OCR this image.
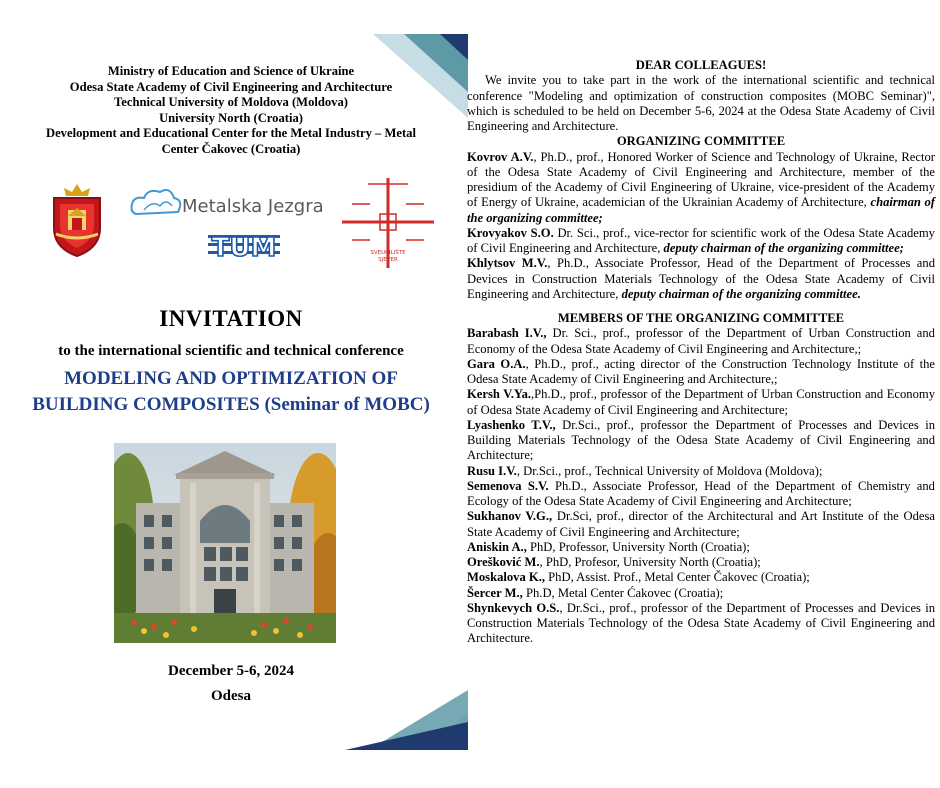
Ministry of Education and Science of Ukraine
Odesa State Academy of Civil Engineering and Architecture
Technical University of Moldova (Moldova)
University North (Croatia)
Development and Educational Center for the Metal Industry – Metal
Center Čakovec (Croatia)
Metalska Jezgra
TUM	SVEUČILIŠTE
SJEVER
INVITATION
to the international scientific and technical conference
MODELING AND OPTIMIZATION OF
BUILDING COMPOSITES (Seminar of MOBC)
December 5-6, 2024
Odesa
DEAR COLLEAGUES!

We invite you to take part in the work of the international scientific and technical conference "Modeling and optimization of construction composites (MOBC Seminar)", which is scheduled to be held on December 5-6, 2024 at the Odesa State Academy of Civil Engineering and Architecture.

ORGANIZING COMMITTEE

Kovrov A.V., Ph.D., prof., Honored Worker of Science and Technology of Ukraine, Rector of the Odesa State Academy of Civil Engineering and Architecture, member of the presidium of the Academy of Civil Engineering of Ukraine, vice-president of the Academy of Energy of Ukraine, academician of the Ukrainian Academy of Architecture, chairman of the organizing committee;

Krovyakov S.O. Dr. Sci., prof., vice-rector for scientific work of the Odesa State Academy of Civil Engineering and Architecture, deputy chairman of the organizing committee;

Khlytsov M.V., Ph.D., Associate Professor, Head of the Department of Processes and Devices in Construction Materials Technology of the Odesa State Academy of Civil Engineering and Architecture, deputy chairman of the organizing committee.

MEMBERS OF THE ORGANIZING COMMITTEE

Barabash I.V., Dr. Sci., prof., professor of the Department of Urban Construction and Economy of the Odesa State Academy of Civil Engineering and Architecture,;

Gara O.A., Ph.D., prof., acting director of the Construction Technology Institute of the Odesa State Academy of Civil Engineering and Architecture,;

Kersh V.Ya.,Ph.D., prof., professor of the Department of Urban Construction and Economy of Odesa State Academy of Civil Engineering and Architecture;

Lyashenko T.V., Dr.Sci., prof., professor the Department of Processes and Devices in Building Materials Technology of the Odesa State Academy of Civil Engineering and Architecture;

Rusu I.V., Dr.Sci., prof., Technical University of Moldova (Moldova);

Semenova S.V. Ph.D., Associate Professor, Head of the Department of Chemistry and Ecology of the Odesa State Academy of Civil Engineering and Architecture;

Sukhanov V.G., Dr.Sci, prof., director of the Architectural and Art Institute of the Odesa State Academy of Civil Engineering and Architecture;

Aniskin A., PhD, Professor, University North (Croatia);

Orešković M., PhD, Profesor, University North (Croatia);

Moskalova K., PhD, Assist. Prof., Metal Center Čakovec (Croatia);

Šercer M., Ph.D, Metal Center Ćakovec (Croatia);

Shynkevych O.S., Dr.Sci., prof., professor of the Department of Processes and Devices in Construction Materials Technology of the Odesa State Academy of Civil Engineering and Architecture.
